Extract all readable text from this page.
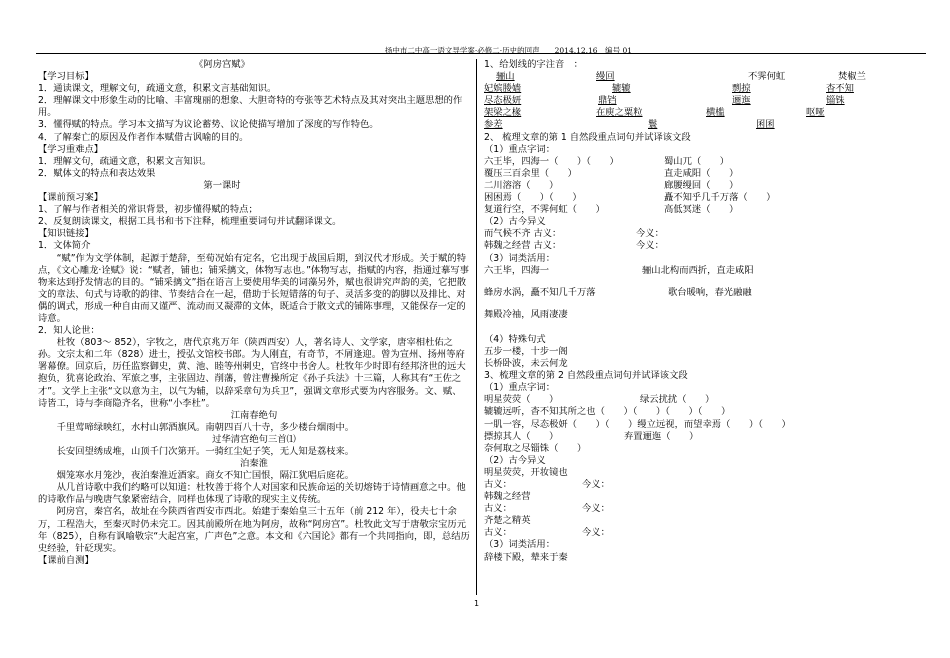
扬中市二中高一语文导学案·必修二·历史的回声　　2014.12.16　编号 01

《阿房宫赋》

【学习目标】

1．通读课文，理解文句，疏通文意，积累文言基础知识。

2．理解课文中形象生动的比喻、丰富瑰丽的想象、大胆奇特的夸张等艺术特点及其对突出主题思想的作用。

3．懂得赋的特点。学习本文描写为议论蓄势、议论使描写增加了深度的写作特色。

4．了解秦亡的原因及作者作本赋借古讽喻的目的。

【学习重难点】

1．理解文句，疏通文意，积累文言知识。

2．赋体文的特点和表达效果

第一课时

【课前预习案】

1、了解与作者相关的常识背景，初步懂得赋的特点；

2、反复朗读课文，根据工具书和书下注释，梳理重要词句并试翻译课文。

【知识链接】

1．文体简介

“赋”作为文学体制，起源于楚辞，至荀况始有定名，它出现于战国后期，到汉代才形成。关于赋的特点，《文心雕龙·诠赋》说：“赋者，铺也；铺采摛文，体物写志也。”体物写志，指赋的内容，指通过摹写事物来达到抒发情志的目的。“铺采摛文”指在语言上要使用华美的词藻另外，赋也很讲究声韵的美，它把散文的章法、句式与诗歌的韵律、节奏结合在一起，借助于长短错落的句子、灵活多变的韵脚以及排比、对偶的调式，形成一种自由而又谨严、流动而又凝滞的文体，既适合于散文式的铺陈事理，又能保存一定的诗意。

2．知人论世：

杜牧（803～ 852），字牧之，唐代京兆万年（陕西西安）人，著名诗人、文学家，唐宰相杜佑之孙。文宗太和二年（828）进士，授弘文馆校书郎。为人刚直，有奇节，不屑逢迎。曾为宣州、扬州等府署幕僚。回京后，历任监察御史，黄、池、睦等州刺史，官终中书舍人。杜牧年少时即有经邦济世的远大抱负，犹喜论政治、军旅之事，主张固边、削藩，曾注曹操所定《孙子兵法》十三篇，人称其有“王佐之才”。文学上主张“文以意为主，以气为辅，以辞采章句为兵卫”，强调文章形式要为内容服务。文、赋、诗皆工，诗与李商隐齐名，世称“小李杜”。

江南春绝句

千里莺啼绿映红，水村山郭酒旗风。南朝四百八十寺，多少楼台烟雨中。

过华清宫绝句三首⑴

长安回望绣成堆，山顶千门次第开。一骑红尘妃子笑，无人知是荔枝来。

泊秦淮

烟笼寒水月笼沙，夜泊秦淮近酒家。商女不知亡国恨，隔江犹唱后庭花。

从几首诗歌中我们约略可以知道：杜牧善于将个人对国家和民族命运的关切熔铸于诗情画意之中。他的诗歌作品与晚唐气象紧密结合，同样也体现了诗歌的现实主义传统。

阿房宫，秦宫名，故址在今陕西省西安市西北。始建于秦始皇三十五年（前 212 年），役夫七十余万，工程浩大，至秦灭时仍未完工。因其前殿所在地为阿房，故称“阿房宫”。杜牧此文写于唐敬宗宝历元年（825），自称有讽喻敬宗“大起宫室，广声色”之意。本文和《六国论》都有一个共同指向，即，总结历史经验，针砭现实。

【课前自测】

1、给划线的字注音　：

骊山	缦回	不霁何虹	焚椒兰
妃嫔媵嫱	辘辘	剽掠	杳不知
尽态极妍	鼎铛	逦迤	锱铢
架梁之椽	在庾之粟粒	横槛	呕哑
参差	鬟	囷囷

2、 梳理文章的第 1 自然段重点词句并试译该文段

（1）重点字词：

六王毕，四海一（　　）（　　）	蜀山兀（　　）
覆压三百余里（　　）	直走咸阳（　　）
二川溶溶（　　）	廊腰缦回（　　）
困困焉（　　）（　　）	矗不知乎几千万落（　　）
复道行空，不霁何虹（　　）	高低冥迷（　　）

（2）古今异义

而气候不齐 古义：	今义：
韩魏之经营 古义：	今义：

（3）词类活用：

六王毕，四海一	骊山北构而西折，直走咸阳
蜂房水涡，矗不知几千万落	歌台暖响，春光融融

舞殿冷袖，风雨凄凄

（4）特殊句式

五步一楼，十步一阁

长桥卧波，未云何龙

3、梳理文章的第 2 自然段重点词句并试译该文段

（1）重点字词：

明星荧荧（　　）	绿云扰扰（　　）

辘辘远听，杳不知其所之也（　　）（　　）（　　）（　　）

一肌一容，尽态极妍（　　）（　　）缦立远视，而望幸焉（　　）（　　）

摽掠其人（　　）	弃置逦迤（　　）

奈何取之尽锱铢（　　）

（2）古今异义

明星荧荧，开妆镜也

古义：	今义：

韩魏之经营

古义：	今义：

齐楚之精英

古义：	今义：

（3）词类活用：

辞楼下殿，辇来于秦

1
